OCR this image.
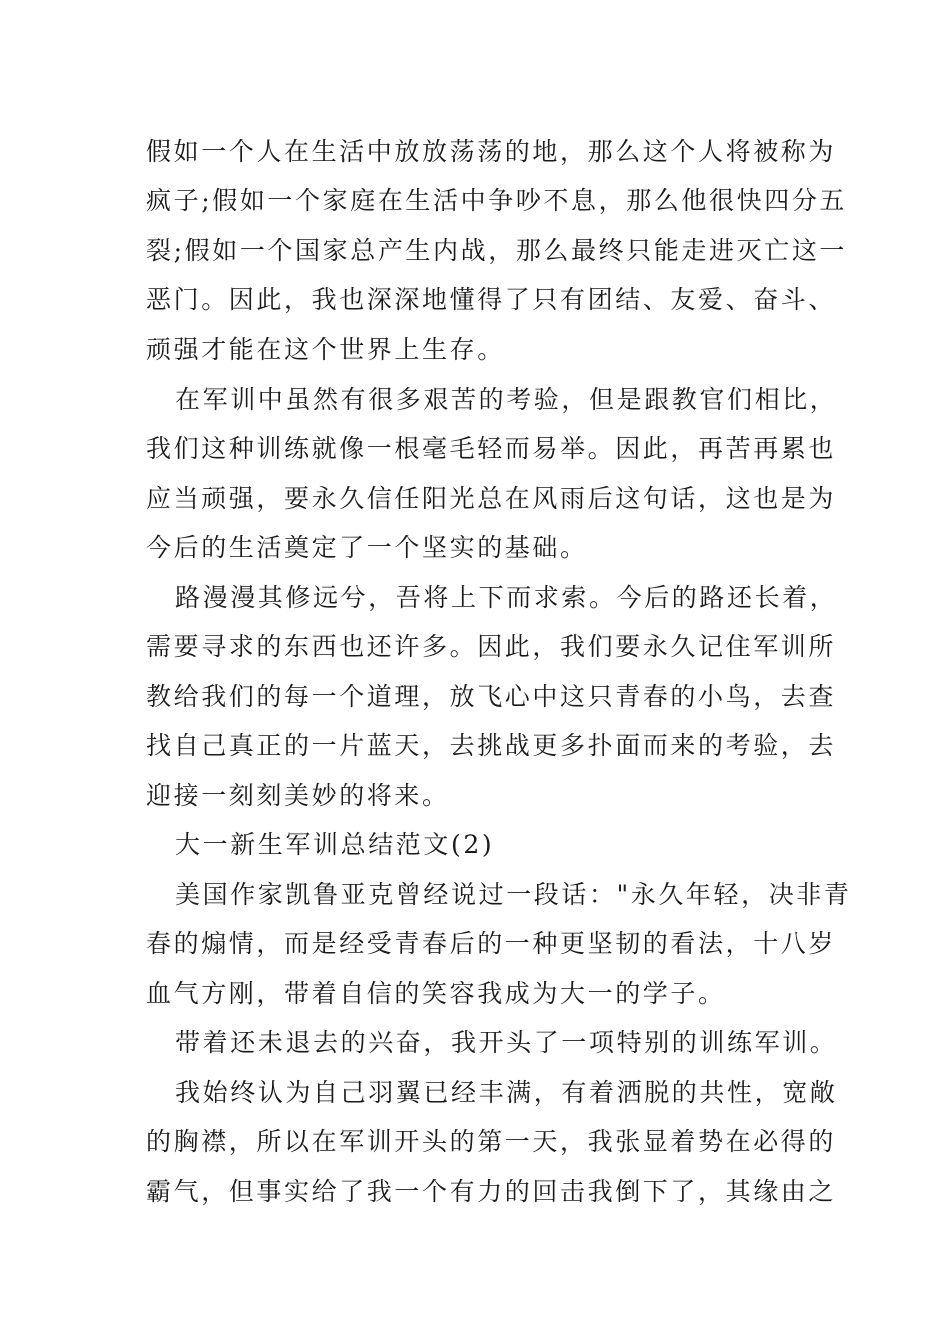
假如一个人在生活中放放荡荡的地，那么这个人将被称为
疯子;假如一个家庭在生活中争吵不息，那么他很快四分五
裂;假如一个国家总产生内战，那么最终只能走进灭亡这一
恶门。因此，我也深深地懂得了只有团结、友爱、奋斗、
顽强才能在这个世界上生存。
在军训中虽然有很多艰苦的考验，但是跟教官们相比，
我们这种训练就像一根毫毛轻而易举。因此，再苦再累也
应当顽强，要永久信任阳光总在风雨后这句话，这也是为
今后的生活奠定了一个坚实的基础。
路漫漫其修远兮，吾将上下而求索。今后的路还长着，
需要寻求的东西也还许多。因此，我们要永久记住军训所
教给我们的每一个道理，放飞心中这只青春的小鸟，去查
找自己真正的一片蓝天，去挑战更多扑面而来的考验，去
迎接一刻刻美妙的将来。
大一新生军训总结范文(2)
美国作家凯鲁亚克曾经说过一段话："永久年轻，决非青
春的煽情，而是经受青春后的一种更坚韧的看法，十八岁
血气方刚，带着自信的笑容我成为大一的学子。
带着还未退去的兴奋，我开头了一项特别的训练军训。
我始终认为自己羽翼已经丰满，有着洒脱的共性，宽敞
的胸襟，所以在军训开头的第一天，我张显着势在必得的
霸气，但事实给了我一个有力的回击我倒下了，其缘由之
